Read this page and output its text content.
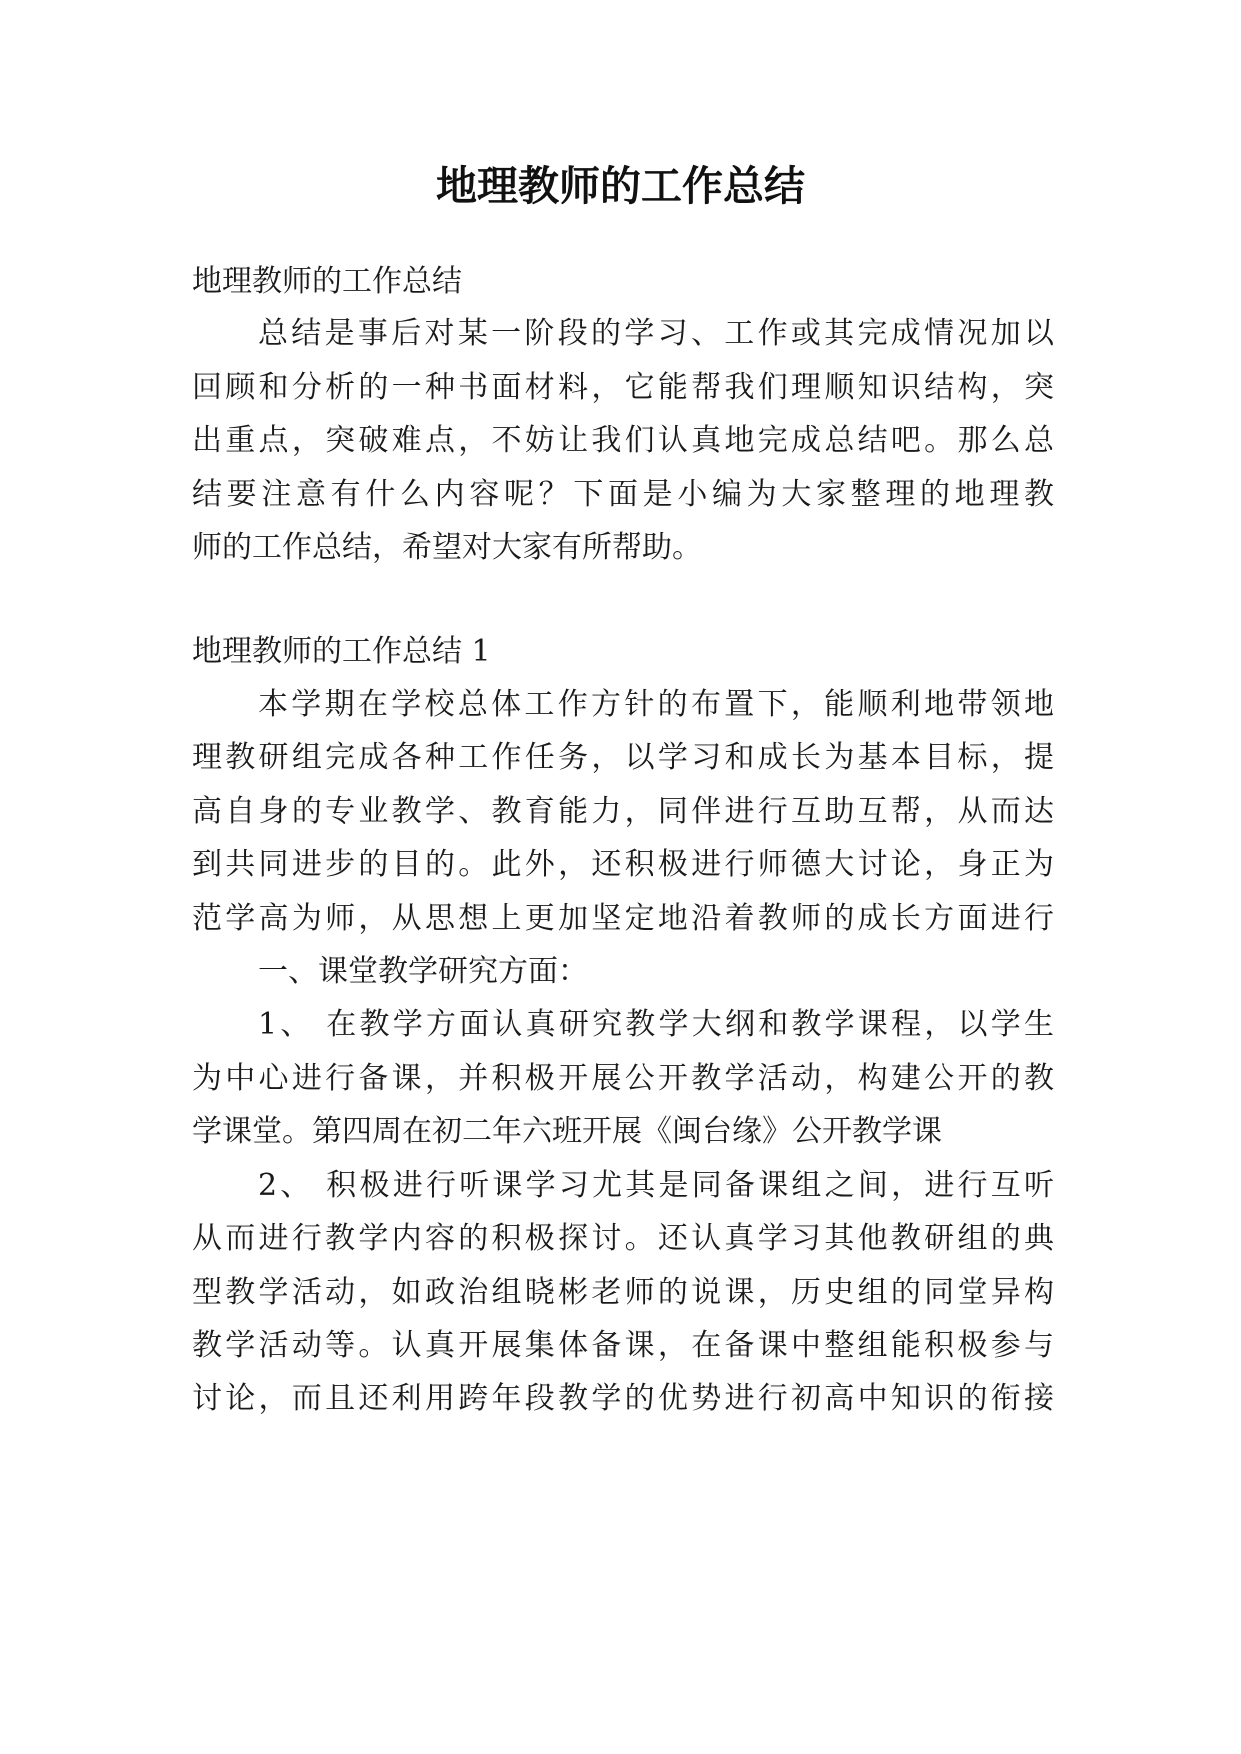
地理教师的工作总结

地理教师的工作总结

总结是事后对某一阶段的学习、工作或其完成情况加以

回顾和分析的一种书面材料，它能帮我们理顺知识结构，突

出重点，突破难点，不妨让我们认真地完成总结吧。那么总

结要注意有什么内容呢？下面是小编为大家整理的地理教

师的工作总结，希望对大家有所帮助。

地理教师的工作总结 1

本学期在学校总体工作方针的布置下，能顺利地带领地

理教研组完成各种工作任务，以学习和成长为基本目标，提

高自身的专业教学、教育能力，同伴进行互助互帮，从而达

到共同进步的目的。此外，还积极进行师德大讨论，身正为

范学高为师，从思想上更加坚定地沿着教师的成长方面进行

一、课堂教学研究方面：

1、 在教学方面认真研究教学大纲和教学课程，以学生

为中心进行备课，并积极开展公开教学活动，构建公开的教

学课堂。第四周在初二年六班开展《闽台缘》公开教学课

2、 积极进行听课学习尤其是同备课组之间，进行互听

从而进行教学内容的积极探讨。还认真学习其他教研组的典

型教学活动，如政治组晓彬老师的说课，历史组的同堂异构

教学活动等。认真开展集体备课，在备课中整组能积极参与

讨论，而且还利用跨年段教学的优势进行初高中知识的衔接
